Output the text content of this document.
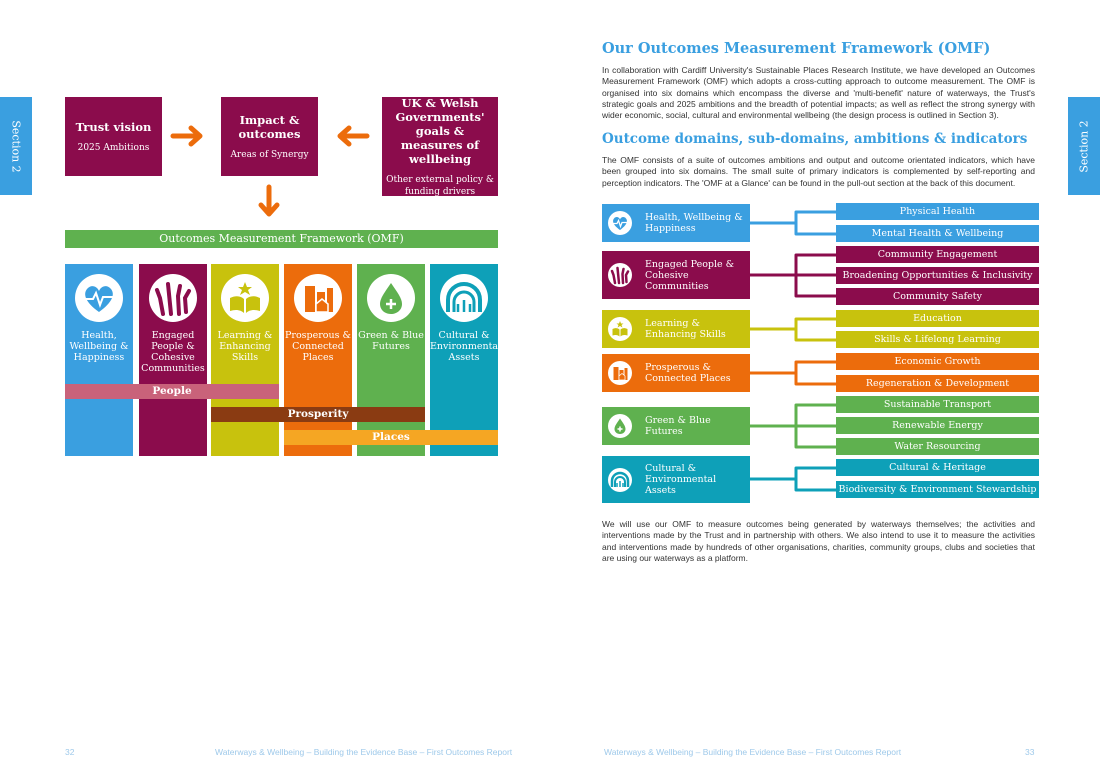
Section 2	Section 2
Trust vision
2025 Ambitions
Impact & outcomes
Areas of Synergy
UK & Welsh Governments' goals & measures of wellbeing
Other external policy & funding drivers
Outcomes Measurement Framework (OMF)
Health, Wellbeing & Happiness
Engaged People & Cohesive Communities
Learning & Enhancing Skills
Prosperous & Connected Places
Green & Blue Futures
Cultural & Environmental Assets
People
Prosperity
Places
Our Outcomes Measurement Framework (OMF)

In collaboration with Cardiff University's Sustainable Places Research Institute, we have developed an Outcomes Measurement Framework (OMF) which adopts a cross-cutting approach to outcome measurement. The OMF is organised into six domains which encompass the diverse and 'multi-benefit' nature of waterways, the Trust's strategic goals and 2025 ambitions and the breadth of potential impacts; as well as reflect the strong synergy with wider economic, social, cultural and environmental wellbeing (the design process is outlined in Section 3).

Outcome domains, sub-domains, ambitions & indicators

The OMF consists of a suite of outcomes ambitions and output and outcome orientated indicators, which have been grouped into six domains. The small suite of primary indicators is complemented by self-reporting and perception indicators. The 'OMF at a Glance' can be found in the pull-out section at the back of this document.

Health, Wellbeing & Happiness
Engaged People & Cohesive Communities
Learning & Enhancing Skills
Prosperous & Connected Places
Green & Blue Futures
Cultural & Environmental Assets
Physical Health
Mental Health & Wellbeing
Community Engagement
Broadening Opportunities & Inclusivity
Community Safety
Education
Skills & Lifelong Learning
Economic Growth
Regeneration & Development
Sustainable Transport
Renewable Energy
Water Resourcing
Cultural & Heritage
Biodiversity & Environment Stewardship

We will use our OMF to measure outcomes being generated by waterways themselves; the activities and interventions made by the Trust and in partnership with others. We also intend to use it to measure the activities and interventions made by hundreds of other organisations, charities, community groups, clubs and societies that are using our waterways as a platform.

32	Waterways & Wellbeing – Building the Evidence Base – First Outcomes Report	Waterways & Wellbeing – Building the Evidence Base – First Outcomes Report	33
